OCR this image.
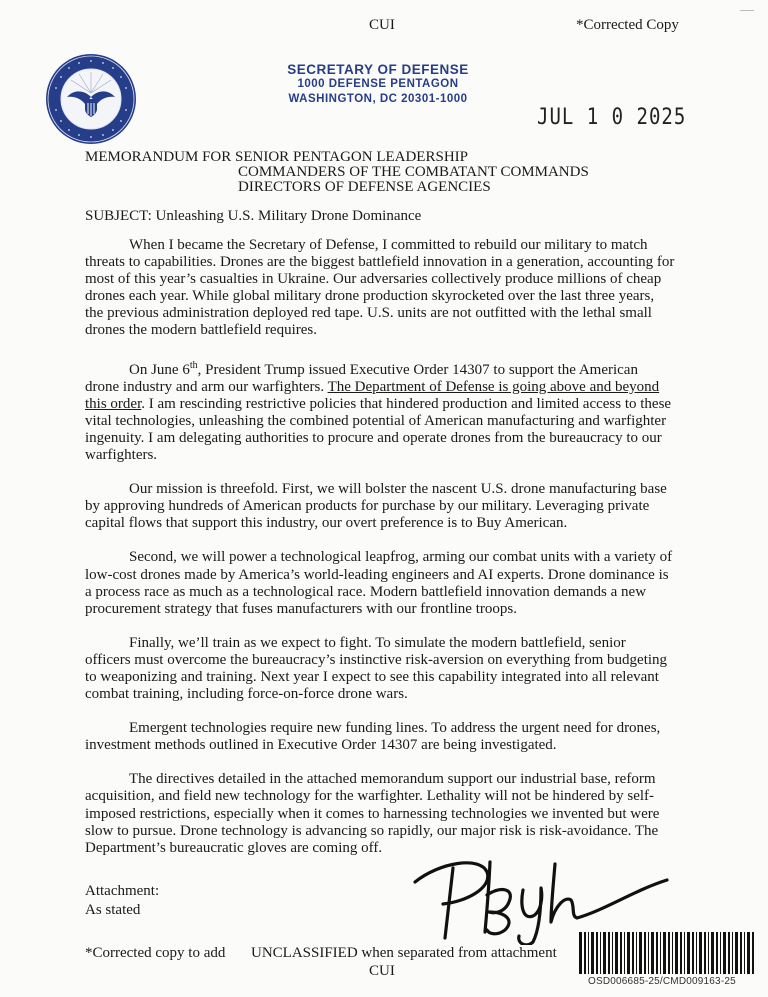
CUI	*Corrected Copy
SECRETARY OF DEFENSE
1000 DEFENSE PENTAGON
WASHINGTON, DC 20301-1000
JUL 1 0 2025
MEMORANDUM FOR SENIOR PENTAGON LEADERSHIP
COMMANDERS OF THE COMBATANT COMMANDS
DIRECTORS OF DEFENSE AGENCIES
SUBJECT: Unleashing U.S. Military Drone Dominance

When I became the Secretary of Defense, I committed to rebuild our military to match threats to capabilities. Drones are the biggest battlefield innovation in a generation, accounting for most of this year’s casualties in Ukraine. Our adversaries collectively produce millions of cheap drones each year. While global military drone production skyrocketed over the last three years, the previous administration deployed red tape. U.S. units are not outfitted with the lethal small drones the modern battlefield requires.

On June 6th, President Trump issued Executive Order 14307 to support the American drone industry and arm our warfighters. The Department of Defense is going above and beyond this order. I am rescinding restrictive policies that hindered production and limited access to these vital technologies, unleashing the combined potential of American manufacturing and warfighter ingenuity. I am delegating authorities to procure and operate drones from the bureaucracy to our warfighters.

Our mission is threefold. First, we will bolster the nascent U.S. drone manufacturing base by approving hundreds of American products for purchase by our military. Leveraging private capital flows that support this industry, our overt preference is to Buy American.

Second, we will power a technological leapfrog, arming our combat units with a variety of low-cost drones made by America’s world-leading engineers and AI experts. Drone dominance is a process race as much as a technological race. Modern battlefield innovation demands a new procurement strategy that fuses manufacturers with our frontline troops.

Finally, we’ll train as we expect to fight. To simulate the modern battlefield, senior officers must overcome the bureaucracy’s instinctive risk-aversion on everything from budgeting to weaponizing and training. Next year I expect to see this capability integrated into all relevant combat training, including force-on-force drone wars.

Emergent technologies require new funding lines. To address the urgent need for drones, investment methods outlined in Executive Order 14307 are being investigated.

The directives detailed in the attached memorandum support our industrial base, reform acquisition, and field new technology for the warfighter. Lethality will not be hindered by self-imposed restrictions, especially when it comes to harnessing technologies we invented but were slow to pursue. Drone technology is advancing so rapidly, our major risk is risk-avoidance. The Department’s bureaucratic gloves are coming off.

Attachment:
As stated
*Corrected copy to add UNCLASSIFIED when separated from attachment
CUI
OSD006685-25/CMD009163-25
